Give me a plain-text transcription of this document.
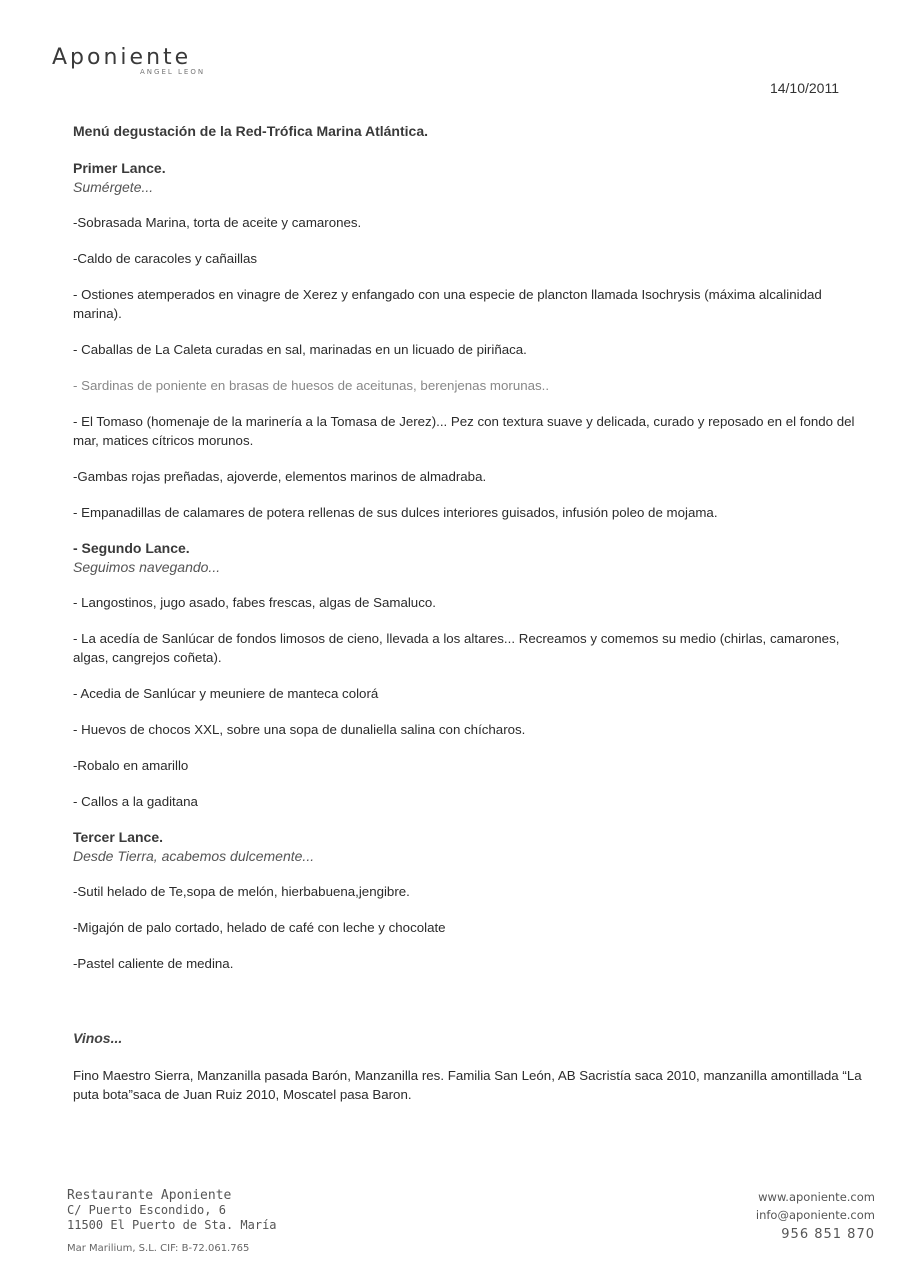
Aponiente
ANGEL LEON
14/10/2011
Menú degustación de la Red-Trófica Marina Atlántica.
Primer Lance.
Sumérgete...
-Sobrasada Marina, torta de aceite y camarones.
-Caldo de caracoles y cañaillas
- Ostiones atemperados en vinagre de Xerez y enfangado con una especie de plancton llamada Isochrysis (máxima alcalinidad marina).
- Caballas de La Caleta curadas en sal, marinadas en un licuado de piriñaca.
- Sardinas de poniente en brasas de huesos de aceitunas, berenjenas morunas..
- El Tomaso (homenaje de la marinería a la Tomasa de Jerez)... Pez con textura suave y delicada, curado y reposado en el fondo del mar, matices cítricos morunos.
-Gambas rojas preñadas, ajoverde, elementos marinos de almadraba.
- Empanadillas de calamares de potera rellenas de sus dulces interiores guisados, infusión poleo de mojama.
- Segundo Lance.
Seguimos navegando...
- Langostinos, jugo asado, fabes frescas, algas de Samaluco.
- La acedía de Sanlúcar de fondos limosos de cieno, llevada a los altares... Recreamos y comemos su medio (chirlas, camarones, algas, cangrejos coñeta).
- Acedia de Sanlúcar y meuniere de manteca colorá
- Huevos de chocos XXL, sobre una sopa de dunaliella salina con chícharos.
-Robalo en amarillo
- Callos a la gaditana
Tercer Lance.
Desde Tierra, acabemos dulcemente...
-Sutil helado de Te,sopa de melón, hierbabuena,jengibre.
-Migajón de palo cortado, helado de café con leche y chocolate
-Pastel caliente de medina.
Vinos...
Fino Maestro Sierra, Manzanilla pasada Barón, Manzanilla res. Familia San León, AB Sacristía saca 2010, manzanilla amontillada “La puta bota”saca de Juan Ruiz 2010, Moscatel pasa Baron.
Restaurante Aponiente
C/ Puerto Escondido, 6
11500 El Puerto de Sta. María
Mar Marilium, S.L. CIF: B-72.061.765
www.aponiente.com
info@aponiente.com
956 851 870
